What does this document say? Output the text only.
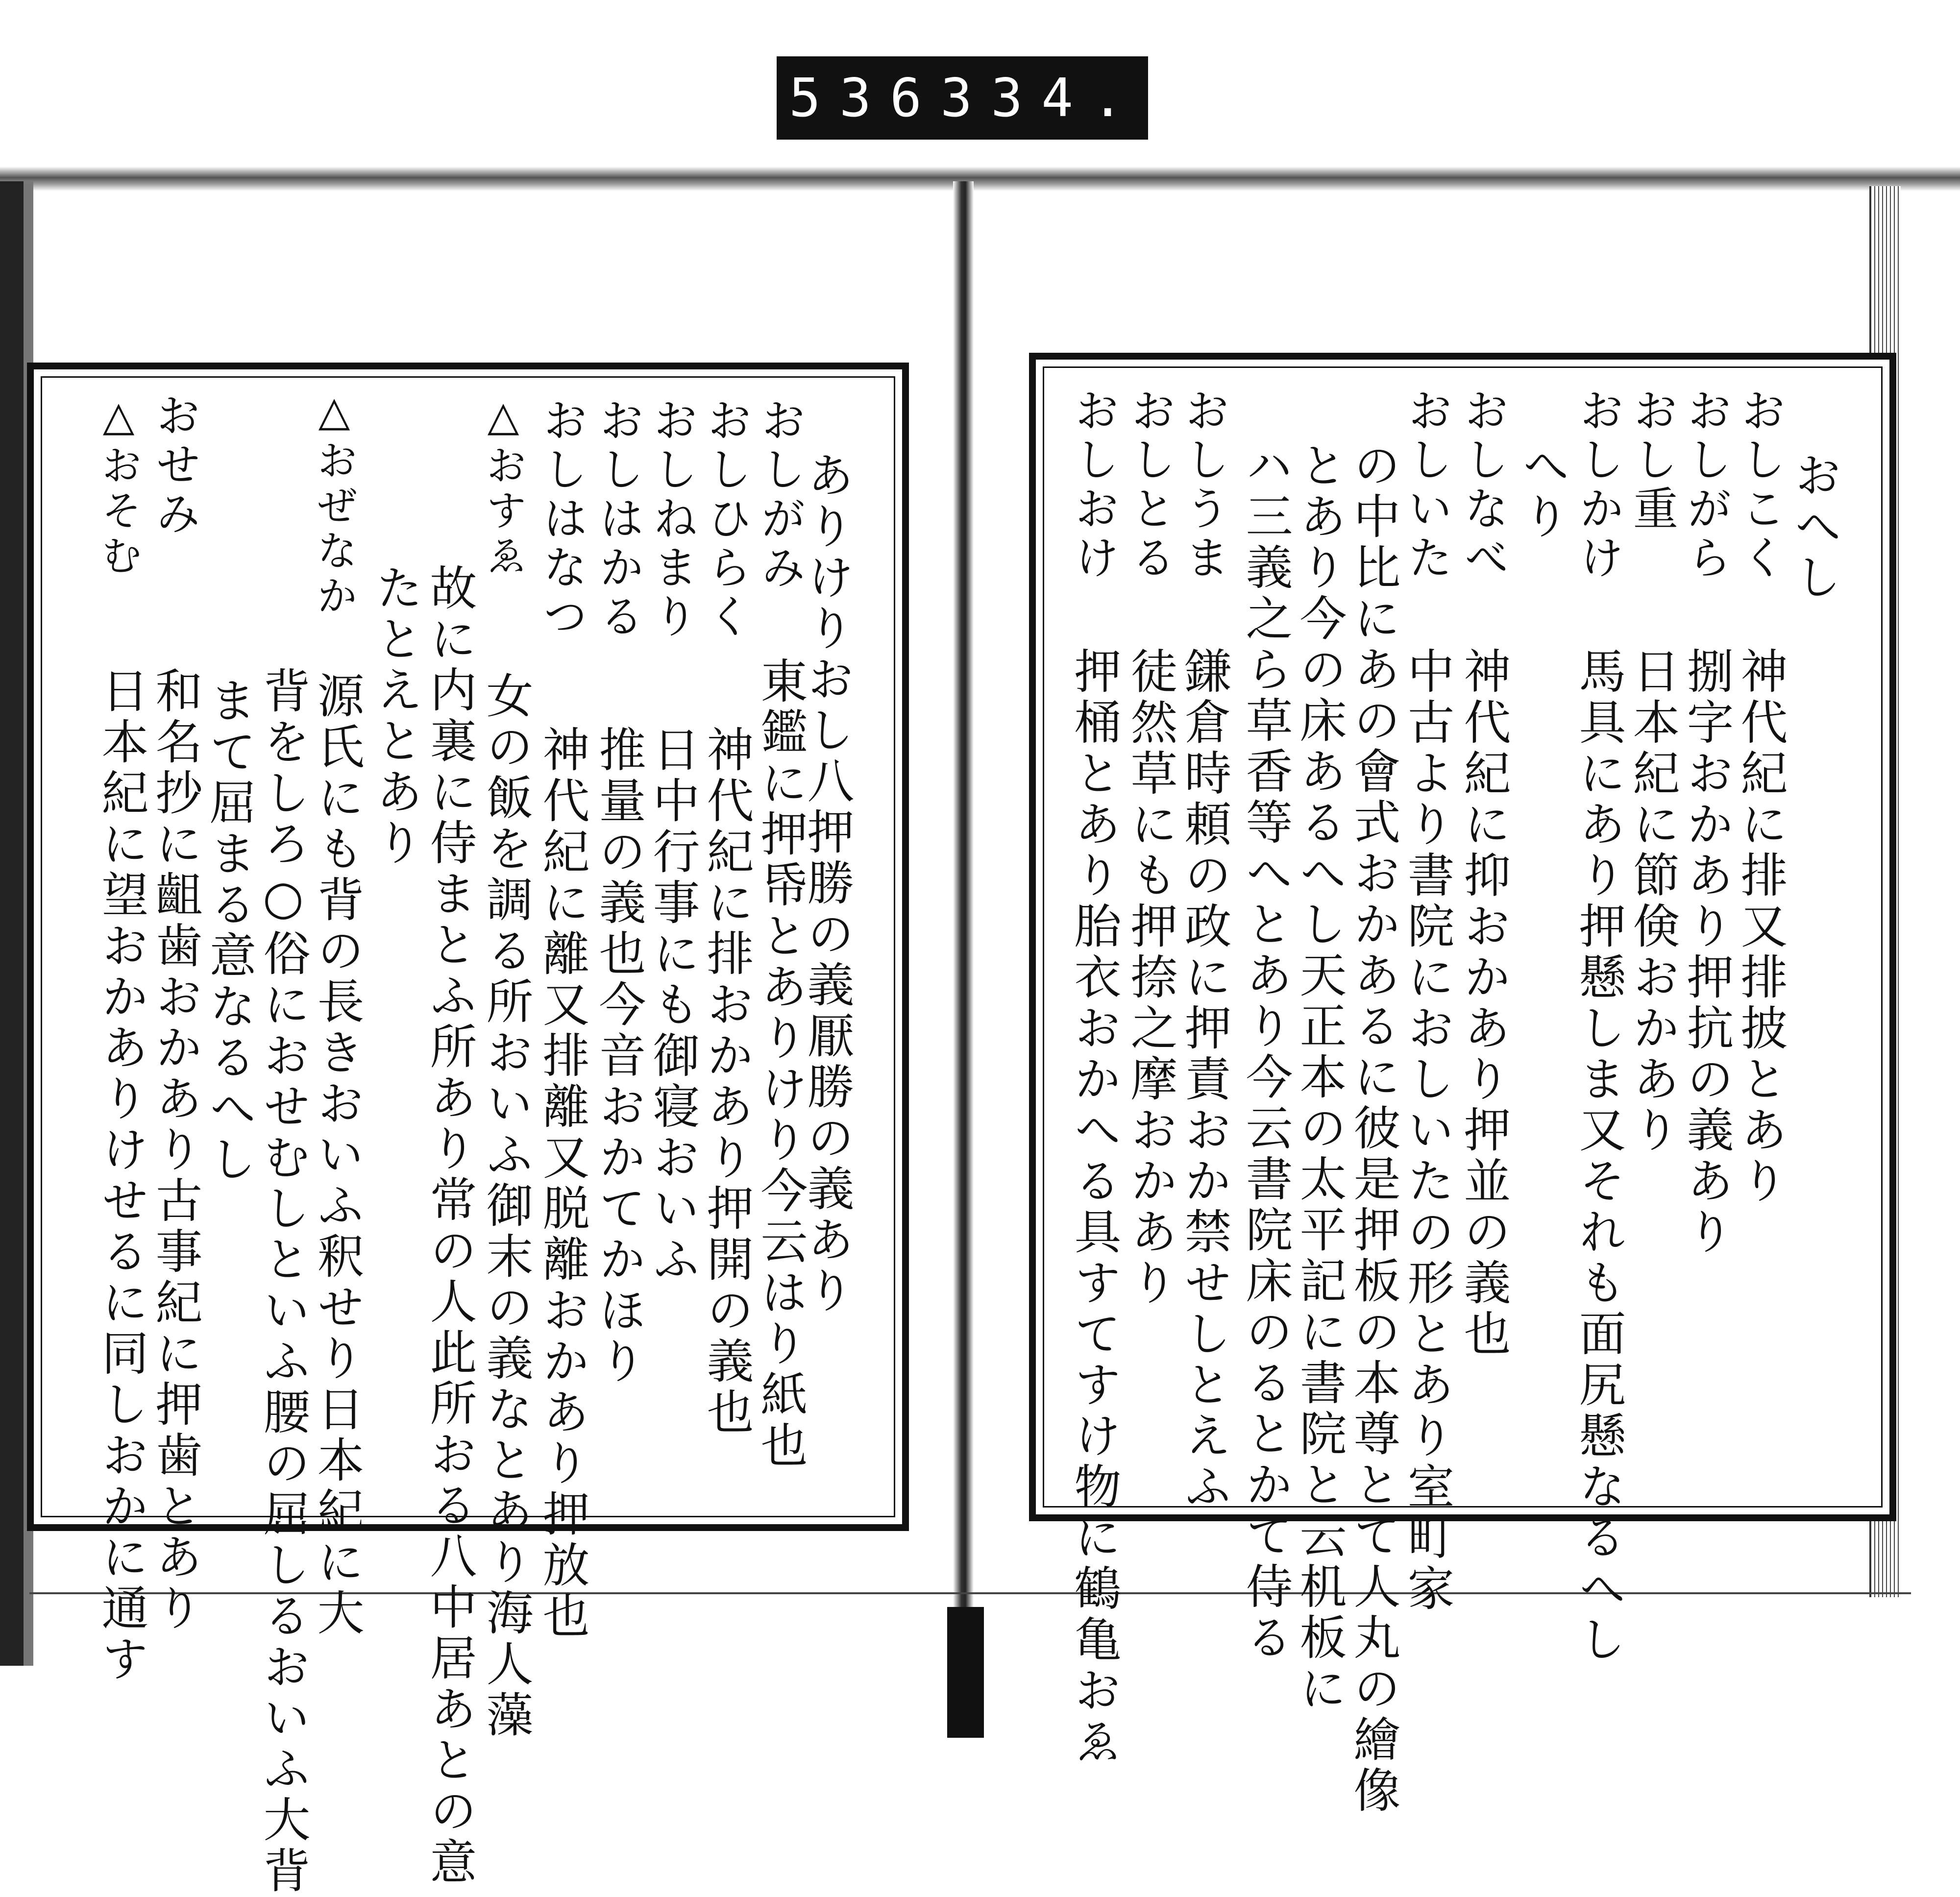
536 334.
ありけりおし八押勝の義厭勝の義あり
おしがみ
東鑑に押帋とありけり今云はり紙也
おしひらく
神代紀に排おかあり押開の義也
おしねまり
日中行事にも御寝おいふ
おしはかる
推量の義也今音おかてかほり
おしはなつ
神代紀に離又排離又脱離おかあり押放也
△おすゑ
女の飯を調る所おいふ御末の義なとあり海人藻
故に内裏に侍まとふ所あり常の人此所おる八中居あとの意
たとえとあり
源氏にも背の長きおいふ釈せり日本紀に大
△おぜなか
背をしろ○俗におせむしといふ腰の屈しるおいふ大背
まて屈まる意なるへし
和名抄に齟歯おかあり古事紀に押歯とあり
日本紀に望おかありけせるに同しおかに通す
△おそむ おせみ	おへし
おしこく
神代紀に排又排披とあり
おしがら
捌字おかあり押抗の義あり
おし重
日本紀に節倹おかあり
おしかけ
馬具にあり押懸しま又それも面尻懸なるへし
へり
おしなべ
神代紀に抑おかあり押並の義也
おしいた
中古より書院におしいたの形とあり室町家
の中比にあの會式おかあるに彼是押板の本尊とて人丸の繪像
とあり今の床あるへし天正本の太平記に書院と云机板に
ハ三義之ら草香等へとあり今云書院床のるとかて侍る
おしうま
鎌倉時頼の政に押責おか禁せしとえふ
おしとる
徒然草にも押捺之摩おかあり
おしおけ
押桶とあり胎衣おかへる具すてすけ物に鶴亀おゑ
